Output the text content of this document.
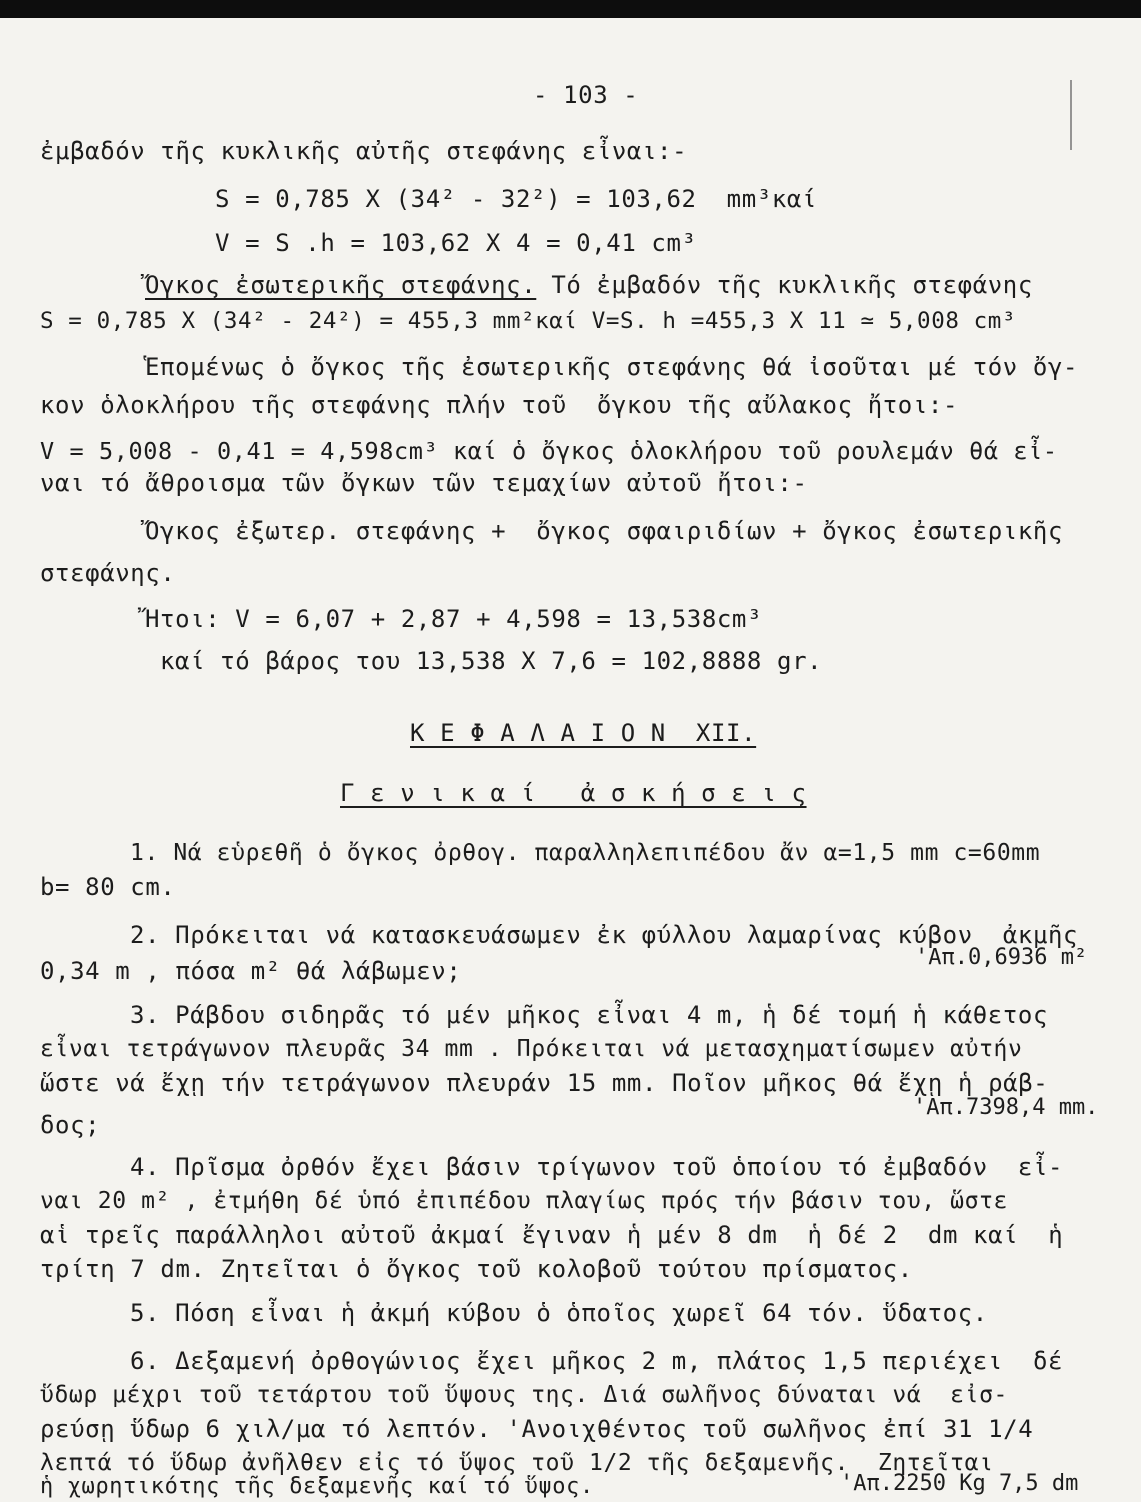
- 103 -
ἐμβαδόν τῆς κυκλικῆς αὐτῆς στεφάνης εἶναι:-
S = 0,785 X (34² - 32²) = 103,62  mm³καί
V = S .h = 103,62 X 4 = 0,41 cm³
Ὄγκος ἐσωτερικῆς στεφάνης. Τό ἐμβαδόν τῆς κυκλικῆς στεφάνης
S = 0,785 X (34² - 24²) = 455,3 mm²καί V=S. h =455,3 X 11 ≃ 5,008 cm³
Ἑπομένως ὁ ὄγκος τῆς ἐσωτερικῆς στεφάνης θά ἰσοῦται μέ τόν ὄγ-
κον ὁλοκλήρου τῆς στεφάνης πλήν τοῦ  ὄγκου τῆς αὔλακος ἤτοι:-
V = 5,008 - 0,41 = 4,598cm³ καί ὁ ὄγκος ὁλοκλήρου τοῦ ρουλεμάν θά εἶ-
ναι τό ἄθροισμα τῶν ὄγκων τῶν τεμαχίων αὐτοῦ ἤτοι:-
Ὄγκος ἐξωτερ. στεφάνης +  ὄγκος σφαιριδίων + ὄγκος ἐσωτερικῆς
στεφάνης.
Ἤτοι: V = 6,07 + 2,87 + 4,598 = 13,538cm³
καί τό βάρος του 13,538 X 7,6 = 102,8888 gr.
Κ Ε Φ Α Λ Α Ι Ο Ν  XII.
Γ ε ν ι κ α ί   ἀ σ κ ή σ ε ι ς
1. Νά εὑρεθῆ ὁ ὄγκος ὀρθογ. παραλληλεπιπέδου ἄν α=1,5 mm c=60mm
b= 80 cm.
2. Πρόκειται νά κατασκευάσωμεν ἐκ φύλλου λαμαρίνας κύβον  ἀκμῆς
'Απ.0,6936 m²
0,34 m , πόσα m² θά λάβωμεν;
3. Ράβδου σιδηρᾶς τό μέν μῆκος εἶναι 4 m, ἡ δέ τομή ἡ κάθετος
εἶναι τετράγωνον πλευρᾶς 34 mm . Πρόκειται νά μετασχηματίσωμεν αὐτήν
ὥστε νά ἔχῃ τήν τετράγωνον πλευράν 15 mm. Ποῖον μῆκος θά ἔχῃ ἡ ράβ-
'Απ.7398,4 mm.
δος;
4. Πρῖσμα ὀρθόν ἔχει βάσιν τρίγωνον τοῦ ὁποίου τό ἐμβαδόν  εἶ-
ναι 20 m² , ἐτμήθη δέ ὑπό ἐπιπέδου πλαγίως πρός τήν βάσιν του, ὥστε
αἱ τρεῖς παράλληλοι αὐτοῦ ἀκμαί ἔγιναν ἡ μέν 8 dm  ἡ δέ 2  dm καί  ἡ
τρίτη 7 dm. Ζητεῖται ὁ ὄγκος τοῦ κολοβοῦ τούτου πρίσματος.
5. Πόση εἶναι ἡ ἀκμή κύβου ὁ ὁποῖος χωρεῖ 64 τόν. ὕδατος.
6. Δεξαμενή ὀρθογώνιος ἔχει μῆκος 2 m, πλάτος 1,5 περιέχει  δέ
ὕδωρ μέχρι τοῦ τετάρτου τοῦ ὕψους της. Διά σωλῆνος δύναται νά  εἰσ-
ρεύσῃ ὕδωρ 6 χιλ/μα τό λεπτόν. 'Ανοιχθέντος τοῦ σωλῆνος ἐπί 31 1/4
λεπτά τό ὕδωρ ἀνῆλθεν εἰς τό ὕψος τοῦ 1/2 τῆς δεξαμενῆς.  Ζητεῖται
ἡ χωρητικότης τῆς δεξαμενῆς καί τό ὕψος.	'Απ.2250 Kg 7,5 dm
